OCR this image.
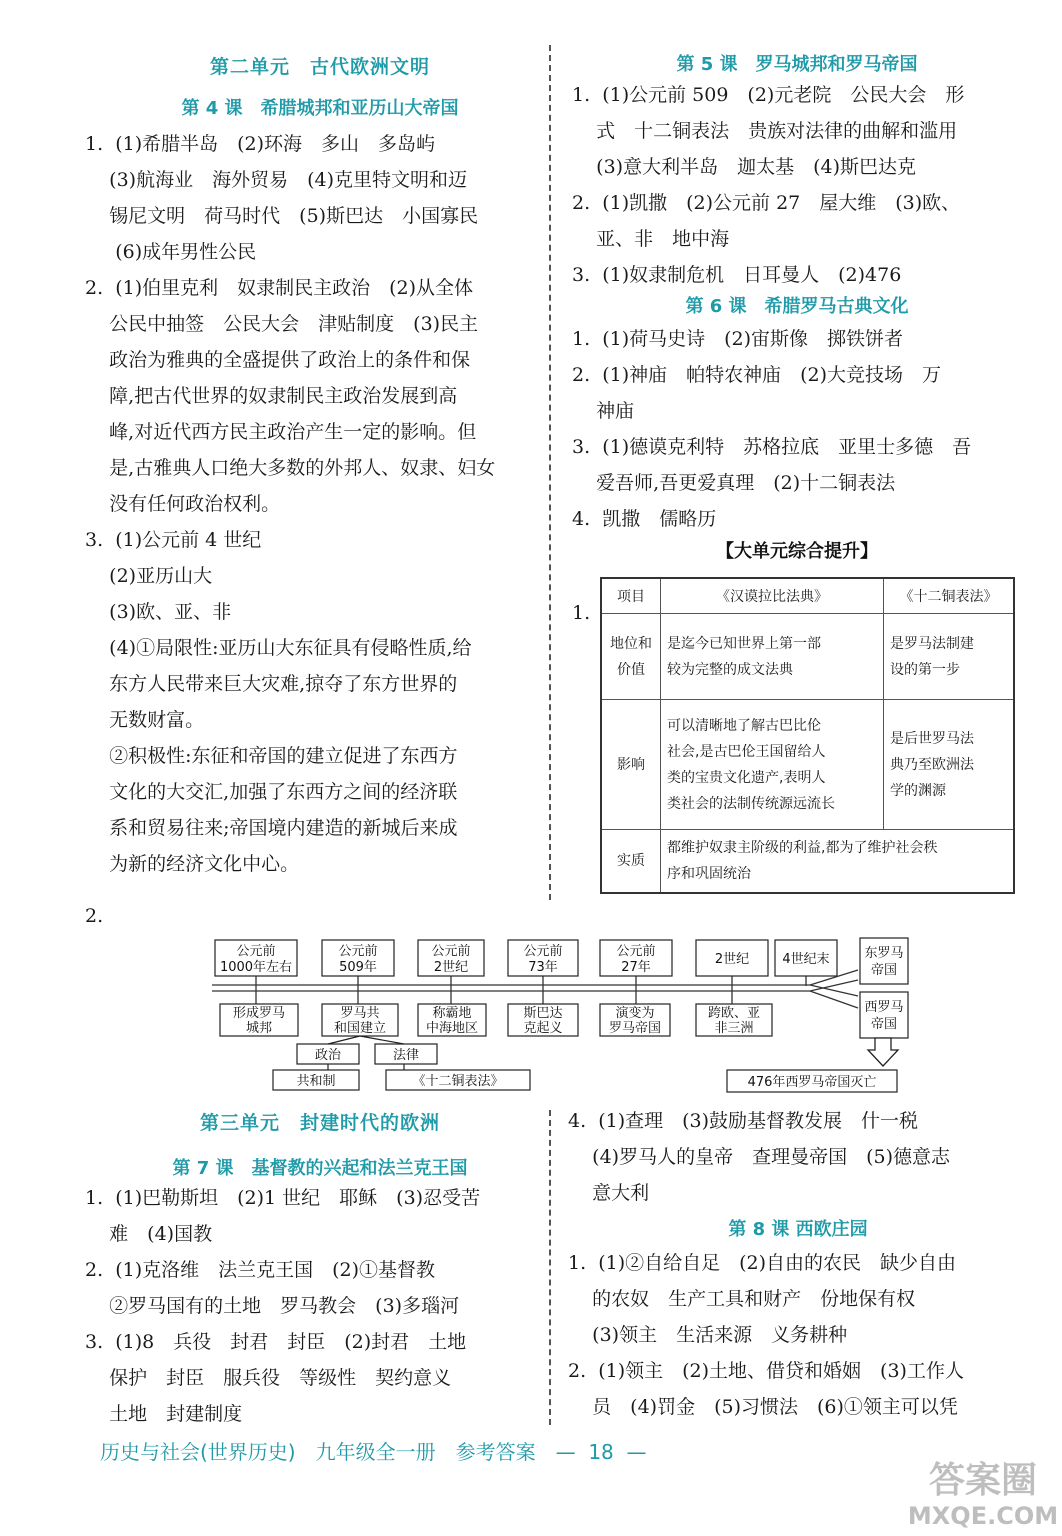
第二单元　古代欧洲文明
第 4 课　希腊城邦和亚历山大帝国
1.  (1)希腊半岛　(2)环海　多山　多岛屿
(3)航海业　海外贸易　(4)克里特文明和迈
锡尼文明　荷马时代　(5)斯巴达　小国寡民
(6)成年男性公民
2.  (1)伯里克利　奴隶制民主政治　(2)从全体
公民中抽签　公民大会　津贴制度　(3)民主
政治为雅典的全盛提供了政治上的条件和保
障,把古代世界的奴隶制民主政治发展到高
峰,对近代西方民主政治产生一定的影响。但
是,古雅典人口绝大多数的外邦人、奴隶、妇女
没有任何政治权利。
3.  (1)公元前 4 世纪
(2)亚历山大
(3)欧、亚、非
(4)①局限性:亚历山大东征具有侵略性质,给
东方人民带来巨大灾难,掠夺了东方世界的
无数财富。
②积极性:东征和帝国的建立促进了东西方
文化的大交汇,加强了东西方之间的经济联
系和贸易往来;帝国境内建造的新城后来成
为新的经济文化中心。
第 5 课　罗马城邦和罗马帝国
1.  (1)公元前 509　(2)元老院　公民大会　形
式　十二铜表法　贵族对法律的曲解和滥用
(3)意大利半岛　迦太基　(4)斯巴达克
2.  (1)凯撒　(2)公元前 27　屋大维　(3)欧、
亚、非　地中海
3.  (1)奴隶制危机　日耳曼人　(2)476
第 6 课　希腊罗马古典文化
1.  (1)荷马史诗　(2)宙斯像　掷铁饼者
2.  (1)神庙　帕特农神庙　(2)大竞技场　万
神庙
3.  (1)德谟克利特　苏格拉底　亚里士多德　吾
爱吾师,吾更爱真理　(2)十二铜表法
4.  凯撒　儒略历
【大单元综合提升】
1.
项目	《汉谟拉比法典》	《十二铜表法》
地位和
价值	是迄今已知世界上第一部
较为完整的成文法典	是罗马法制建
设的第一步
影响	可以清晰地了解古巴比伦
社会,是古巴伦王国留给人
类的宝贵文化遗产,表明人
类社会的法制传统源远流长	是后世罗马法
典乃至欧洲法
学的渊源
实质	都维护奴隶主阶级的利益,都为了维护社会秩
序和巩固统治	
2.
公元前
1000年左右
公元前
509年
公元前
2世纪
公元前
73年
公元前
27年
2世纪	4世纪末
形成罗马
城邦
罗马共
和国建立
称霸地
中海地区
斯巴达
克起义
演变为
罗马帝国
跨欧、亚
非三洲
东罗马
帝国
西罗马
帝国
政治	法律
共和制	《十二铜表法》	476年西罗马帝国灭亡
第三单元　封建时代的欧洲
第 7 课　基督教的兴起和法兰克王国
1.  (1)巴勒斯坦　(2)1 世纪　耶稣　(3)忍受苦
难　(4)国教
2.  (1)克洛维　法兰克王国　(2)①基督教
②罗马国有的土地　罗马教会　(3)多瑙河
3.  (1)8　兵役　封君　封臣　(2)封君　土地
保护　封臣　服兵役　等级性　契约意义
土地　封建制度
4.  (1)查理　(3)鼓励基督教发展　什一税
(4)罗马人的皇帝　查理曼帝国　(5)德意志
意大利
第 8 课 西欧庄园
1.  (1)②自给自足　(2)自由的农民　缺少自由
的农奴　生产工具和财产　份地保有权
(3)领主　生活来源　义务耕种
2.  (1)领主　(2)土地、借贷和婚姻　(3)工作人
员　(4)罚金　(5)习惯法　(6)①领主可以凭
历史与社会(世界历史)　九年级全一册　参考答案　—  18  —
答案圈
MXQE.COM
